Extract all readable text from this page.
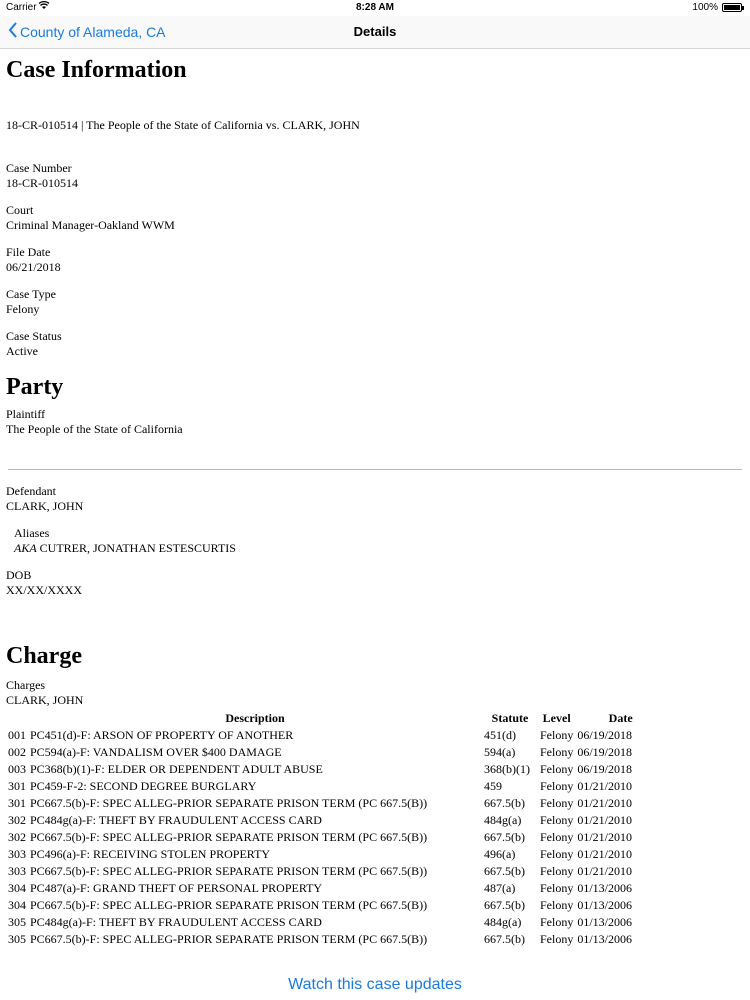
Carrier	8:28 AM	100%
County of Alameda, CA	Details
Case Information
18-CR-010514 | The People of the State of California vs. CLARK, JOHN
Case Number
18-CR-010514
Court
Criminal Manager-Oakland WWM
File Date
06/21/2018
Case Type
Felony
Case Status
Active
Party
Plaintiff
The People of the State of California
Defendant
CLARK, JOHN
Aliases
AKA CUTRER, JONATHAN ESTESCURTIS
DOB
XX/XX/XXXX
Charge
Charges
CLARK, JOHN
	Description	Statute	Level	Date
001	PC451(d)-F: ARSON OF PROPERTY OF ANOTHER	451(d)	Felony	06/19/2018
002	PC594(a)-F: VANDALISM OVER $400 DAMAGE	594(a)	Felony	06/19/2018
003	PC368(b)(1)-F: ELDER OR DEPENDENT ADULT ABUSE	368(b)(1)	Felony	06/19/2018
301	PC459-F-2: SECOND DEGREE BURGLARY	459	Felony	01/21/2010
301	PC667.5(b)-F: SPEC ALLEG-PRIOR SEPARATE PRISON TERM (PC 667.5(B))	667.5(b)	Felony	01/21/2010
302	PC484g(a)-F: THEFT BY FRAUDULENT ACCESS CARD	484g(a)	Felony	01/21/2010
302	PC667.5(b)-F: SPEC ALLEG-PRIOR SEPARATE PRISON TERM (PC 667.5(B))	667.5(b)	Felony	01/21/2010
303	PC496(a)-F: RECEIVING STOLEN PROPERTY	496(a)	Felony	01/21/2010
303	PC667.5(b)-F: SPEC ALLEG-PRIOR SEPARATE PRISON TERM (PC 667.5(B))	667.5(b)	Felony	01/21/2010
304	PC487(a)-F: GRAND THEFT OF PERSONAL PROPERTY	487(a)	Felony	01/13/2006
304	PC667.5(b)-F: SPEC ALLEG-PRIOR SEPARATE PRISON TERM (PC 667.5(B))	667.5(b)	Felony	01/13/2006
305	PC484g(a)-F: THEFT BY FRAUDULENT ACCESS CARD	484g(a)	Felony	01/13/2006
305	PC667.5(b)-F: SPEC ALLEG-PRIOR SEPARATE PRISON TERM (PC 667.5(B))	667.5(b)	Felony	01/13/2006
Watch this case updates
